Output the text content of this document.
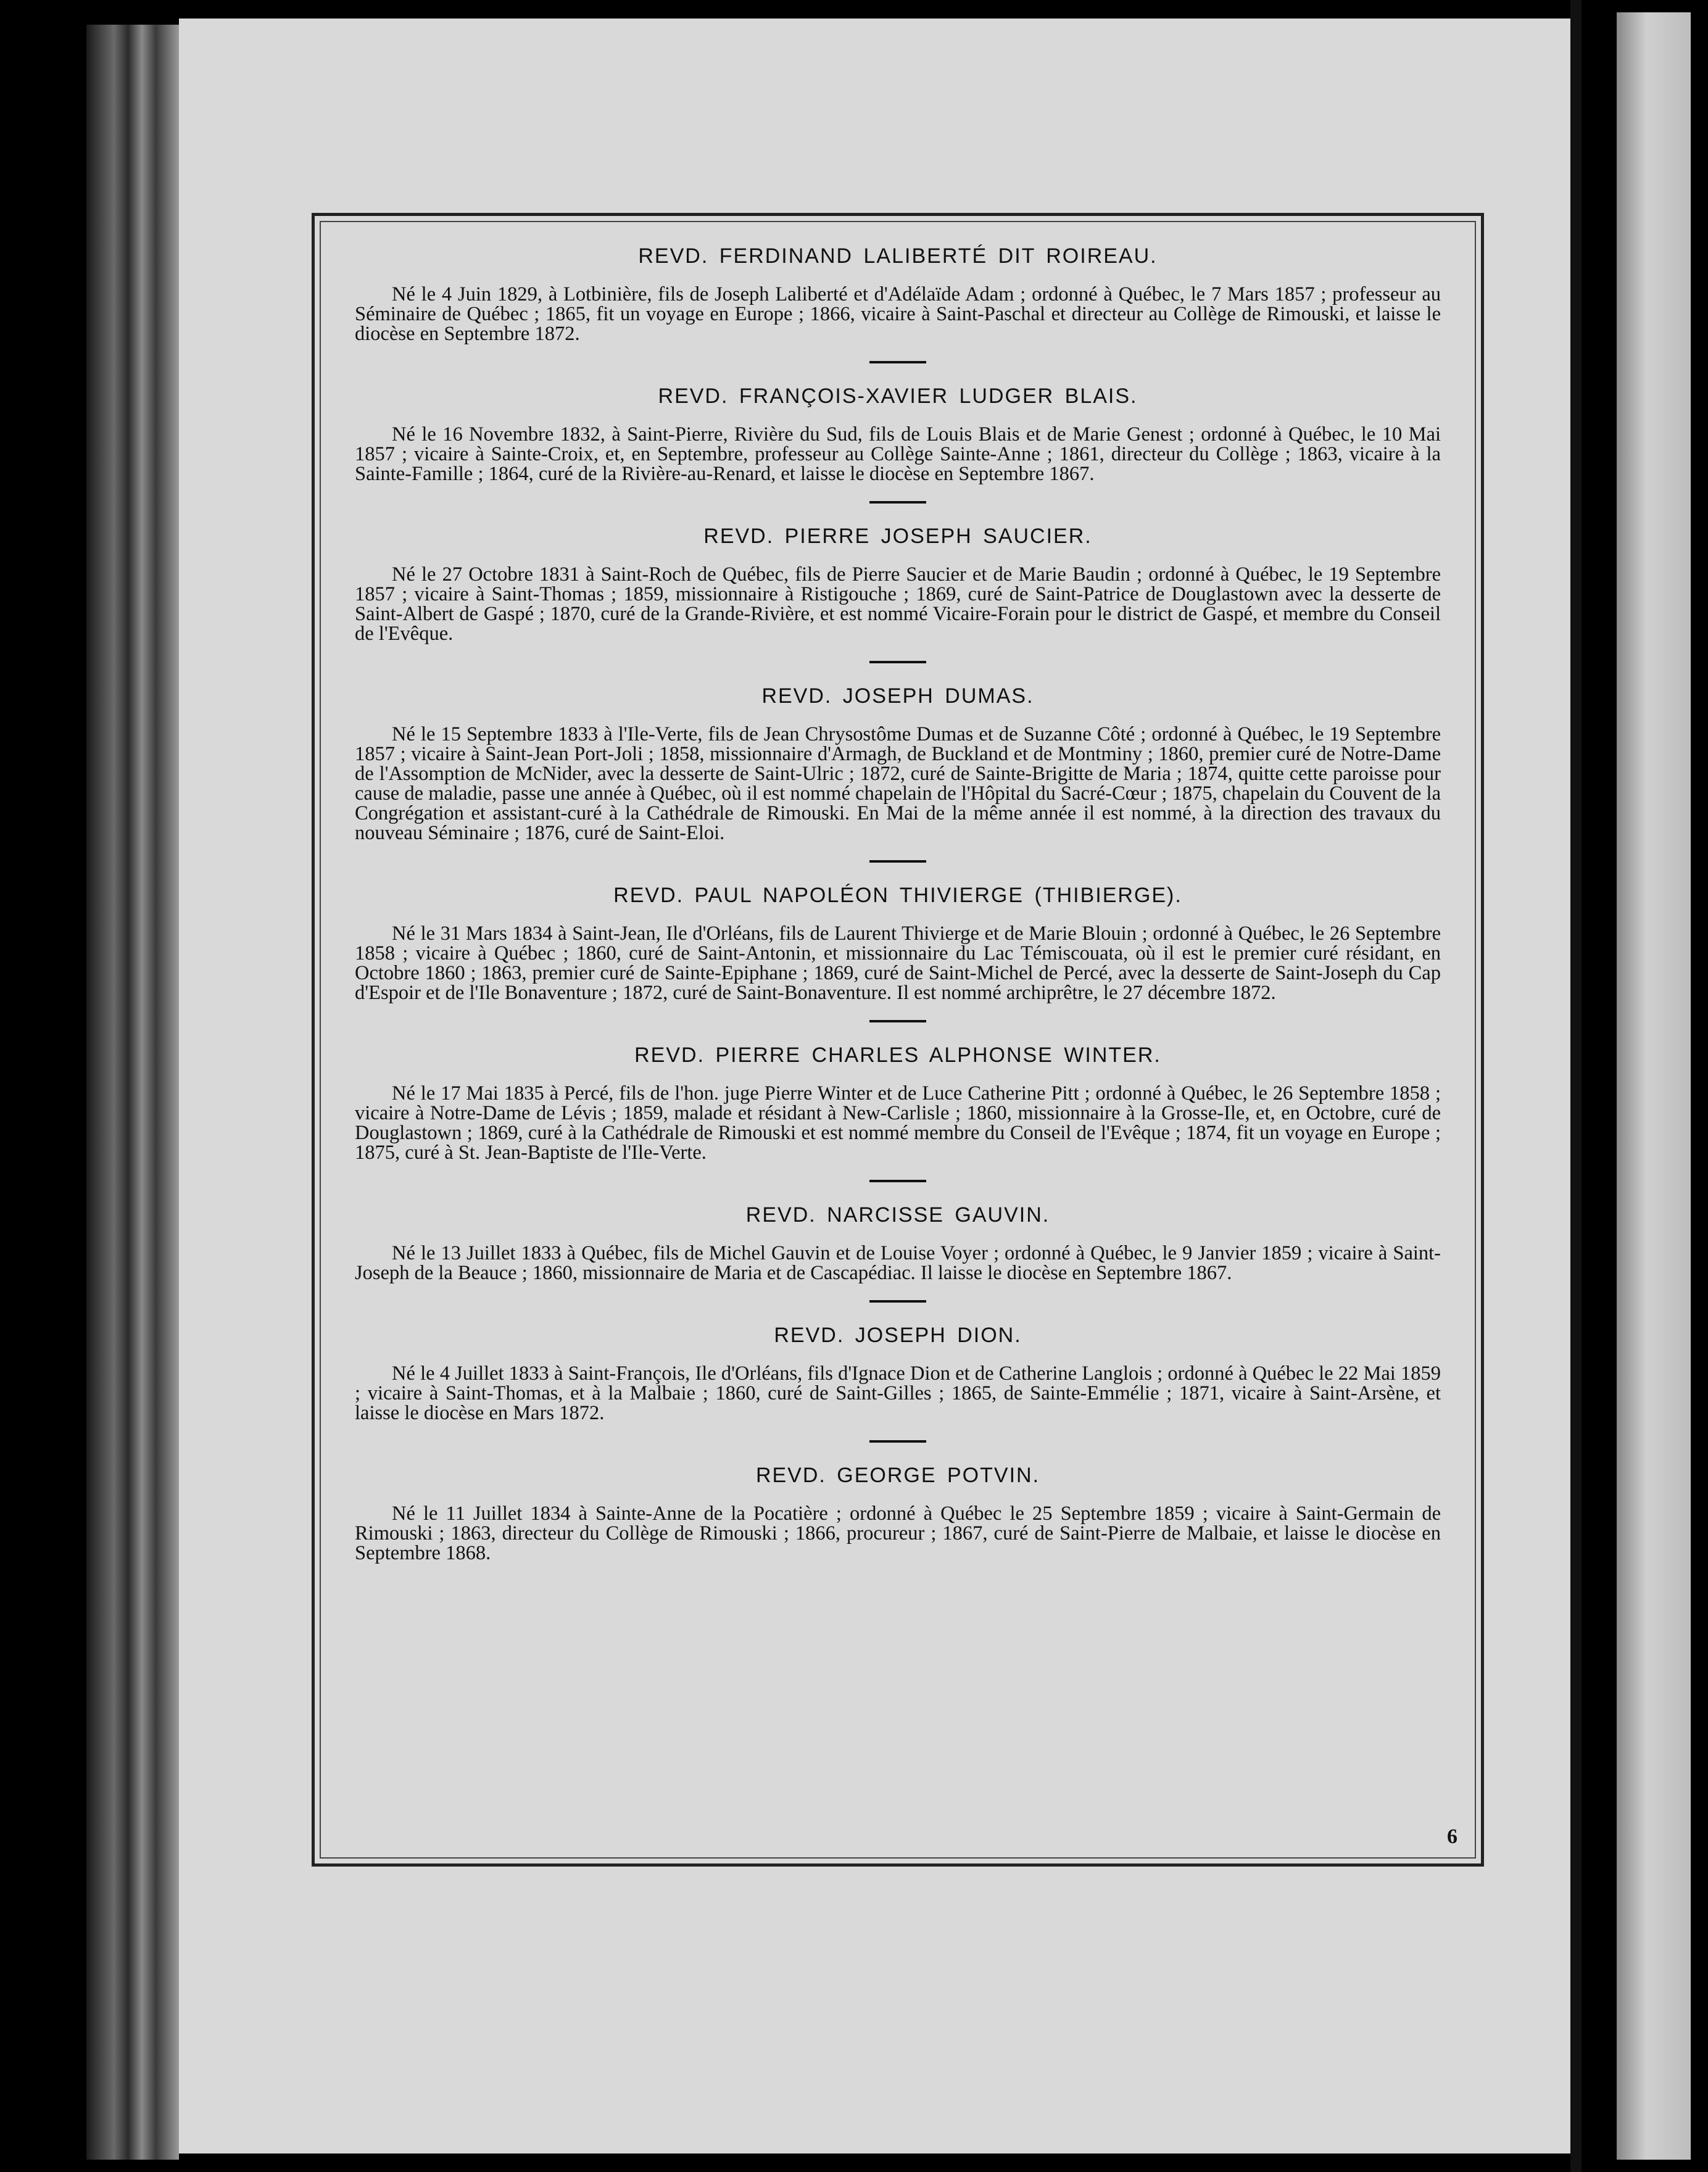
REVD. FERDINAND LALIBERTÉ DIT ROIREAU.

Né le 4 Juin 1829, à Lotbinière, fils de Joseph Laliberté et d'Adélaïde Adam ; ordonné à Québec, le 7 Mars 1857 ; professeur au Séminaire de Québec ; 1865, fit un voyage en Europe ; 1866, vicaire à Saint-Paschal et directeur au Collège de Rimouski, et laisse le diocèse en Septembre 1872.

REVD. FRANÇOIS-XAVIER LUDGER BLAIS.

Né le 16 Novembre 1832, à Saint-Pierre, Rivière du Sud, fils de Louis Blais et de Marie Genest ; ordonné à Québec, le 10 Mai 1857 ; vicaire à Sainte-Croix, et, en Septembre, professeur au Collège Sainte-Anne ; 1861, directeur du Collège ; 1863, vicaire à la Sainte-Famille ; 1864, curé de la Rivière-au-Renard, et laisse le diocèse en Septembre 1867.

REVD. PIERRE JOSEPH SAUCIER.

Né le 27 Octobre 1831 à Saint-Roch de Québec, fils de Pierre Saucier et de Marie Baudin ; ordonné à Québec, le 19 Septembre 1857 ; vicaire à Saint-Thomas ; 1859, missionnaire à Ristigouche ; 1869, curé de Saint-Patrice de Douglastown avec la desserte de Saint-Albert de Gaspé ; 1870, curé de la Grande-Rivière, et est nommé Vicaire-Forain pour le district de Gaspé, et membre du Conseil de l'Evêque.

REVD. JOSEPH DUMAS.

Né le 15 Septembre 1833 à l'Ile-Verte, fils de Jean Chrysostôme Dumas et de Suzanne Côté ; ordonné à Québec, le 19 Septembre 1857 ; vicaire à Saint-Jean Port-Joli ; 1858, missionnaire d'Armagh, de Buckland et de Montminy ; 1860, premier curé de Notre-Dame de l'Assomption de McNider, avec la desserte de Saint-Ulric ; 1872, curé de Sainte-Brigitte de Maria ; 1874, quitte cette paroisse pour cause de maladie, passe une année à Québec, où il est nommé chapelain de l'Hôpital du Sacré-Cœur ; 1875, chapelain du Couvent de la Congrégation et assistant-curé à la Cathédrale de Rimouski. En Mai de la même année il est nommé, à la direction des travaux du nouveau Séminaire ; 1876, curé de Saint-Eloi.

REVD. PAUL NAPOLÉON THIVIERGE (THIBIERGE).

Né le 31 Mars 1834 à Saint-Jean, Ile d'Orléans, fils de Laurent Thivierge et de Marie Blouin ; ordonné à Québec, le 26 Septembre 1858 ; vicaire à Québec ; 1860, curé de Saint-Antonin, et missionnaire du Lac Témiscouata, où il est le premier curé résidant, en Octobre 1860 ; 1863, premier curé de Sainte-Epiphane ; 1869, curé de Saint-Michel de Percé, avec la desserte de Saint-Joseph du Cap d'Espoir et de l'Ile Bonaventure ; 1872, curé de Saint-Bonaventure. Il est nommé archiprêtre, le 27 décembre 1872.

REVD. PIERRE CHARLES ALPHONSE WINTER.

Né le 17 Mai 1835 à Percé, fils de l'hon. juge Pierre Winter et de Luce Catherine Pitt ; ordonné à Québec, le 26 Septembre 1858 ; vicaire à Notre-Dame de Lévis ; 1859, malade et résidant à New-Carlisle ; 1860, missionnaire à la Grosse-Ile, et, en Octobre, curé de Douglastown ; 1869, curé à la Cathédrale de Rimouski et est nommé membre du Conseil de l'Evêque ; 1874, fit un voyage en Europe ; 1875, curé à St. Jean-Baptiste de l'Ile-Verte.

REVD. NARCISSE GAUVIN.

Né le 13 Juillet 1833 à Québec, fils de Michel Gauvin et de Louise Voyer ; ordonné à Québec, le 9 Janvier 1859 ; vicaire à Saint-Joseph de la Beauce ; 1860, missionnaire de Maria et de Cascapédiac. Il laisse le diocèse en Septembre 1867.

REVD. JOSEPH DION.

Né le 4 Juillet 1833 à Saint-François, Ile d'Orléans, fils d'Ignace Dion et de Catherine Langlois ; ordonné à Québec le 22 Mai 1859 ; vicaire à Saint-Thomas, et à la Malbaie ; 1860, curé de Saint-Gilles ; 1865, de Sainte-Emmélie ; 1871, vicaire à Saint-Arsène, et laisse le diocèse en Mars 1872.

REVD. GEORGE POTVIN.

Né le 11 Juillet 1834 à Sainte-Anne de la Pocatière ; ordonné à Québec le 25 Septembre 1859 ; vicaire à Saint-Germain de Rimouski ; 1863, directeur du Collège de Rimouski ; 1866, procureur ; 1867, curé de Saint-Pierre de Malbaie, et laisse le diocèse en Septembre 1868.

6
